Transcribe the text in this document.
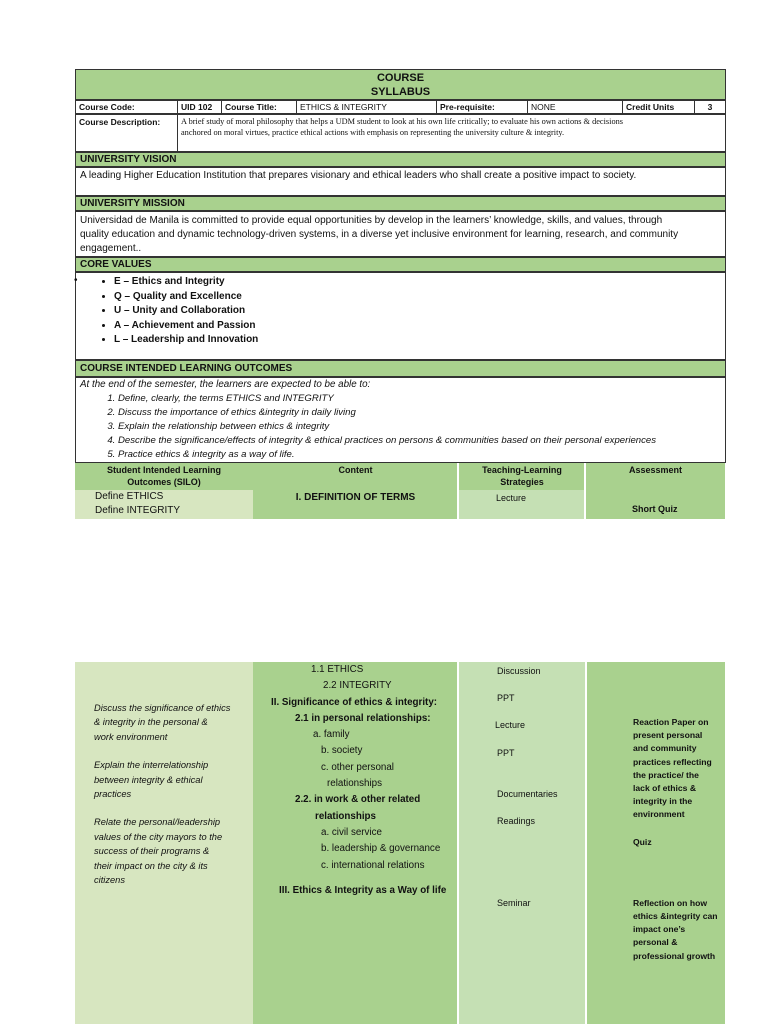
COURSE
SYLLABUS
Course Code:	UID 102	Course Title:	ETHICS & INTEGRITY	Pre-requisite:	NONE	Credit Units	3
Course Description:	A brief study of moral philosophy that helps a UDM student to look at his own life critically; to evaluate his own actions & decisions
anchored on moral virtues, practice ethical actions with emphasis on representing the university culture & integrity.
UNIVERSITY VISION
A leading Higher Education Institution that prepares visionary and ethical leaders who shall create a positive impact to society.
UNIVERSITY MISSION
Universidad de Manila is committed to provide equal opportunities by develop in the learners’ knowledge, skills, and values, through
quality education and dynamic technology-driven systems, in a diverse yet inclusive environment for learning, research, and community
engagement..
CORE VALUES
•
•	E – Ethics and Integrity
• Q – Quality and Excellence
• U – Unity and Collaboration
• A – Achievement and Passion
• L – Leadership and Innovation
COURSE INTENDED LEARNING OUTCOMES
At the end of the semester, the learners are expected to be able to:
1. Define, clearly, the terms ETHICS and INTEGRITY
2. Discuss the importance of ethics &integrity in daily living
3. Explain the relationship between ethics & integrity
4. Describe the significance/effects of integrity & ethical practices on persons & communities based on their personal experiences
5. Practice ethics & integrity as a way of life.
Student Intended Learning
Outcomes (SILO)
Content	Teaching-Learning
Strategies
Assessment
Define ETHICS
Define INTEGRITY
I. DEFINITION OF TERMS	Lecture
Short Quiz
Discuss the significance of ethics
& integrity in the personal &
work environment
Explain the interrelationship
between integrity & ethical
practices
Relate the personal/leadership
values of the city mayors to the
success of their programs &
their impact on the city & its
citizens
1.1 ETHICS
2.2 INTEGRITY
II. Significance of ethics & integrity:
2.1 in personal relationships:
a. family
b. society
c. other personal
relationships
2.2. in work & other related
relationships
a. civil service
b. leadership & governance
c. international relations
III. Ethics & Integrity as a Way of life
Discussion
PPT
Lecture
PPT
Documentaries
Readings
Seminar
Reaction Paper on
present personal
and community
practices reflecting
the practice/ the
lack of ethics &
integrity in the
environment
Quiz
Reflection on how
ethics &integrity can
impact one’s
personal &
professional growth
